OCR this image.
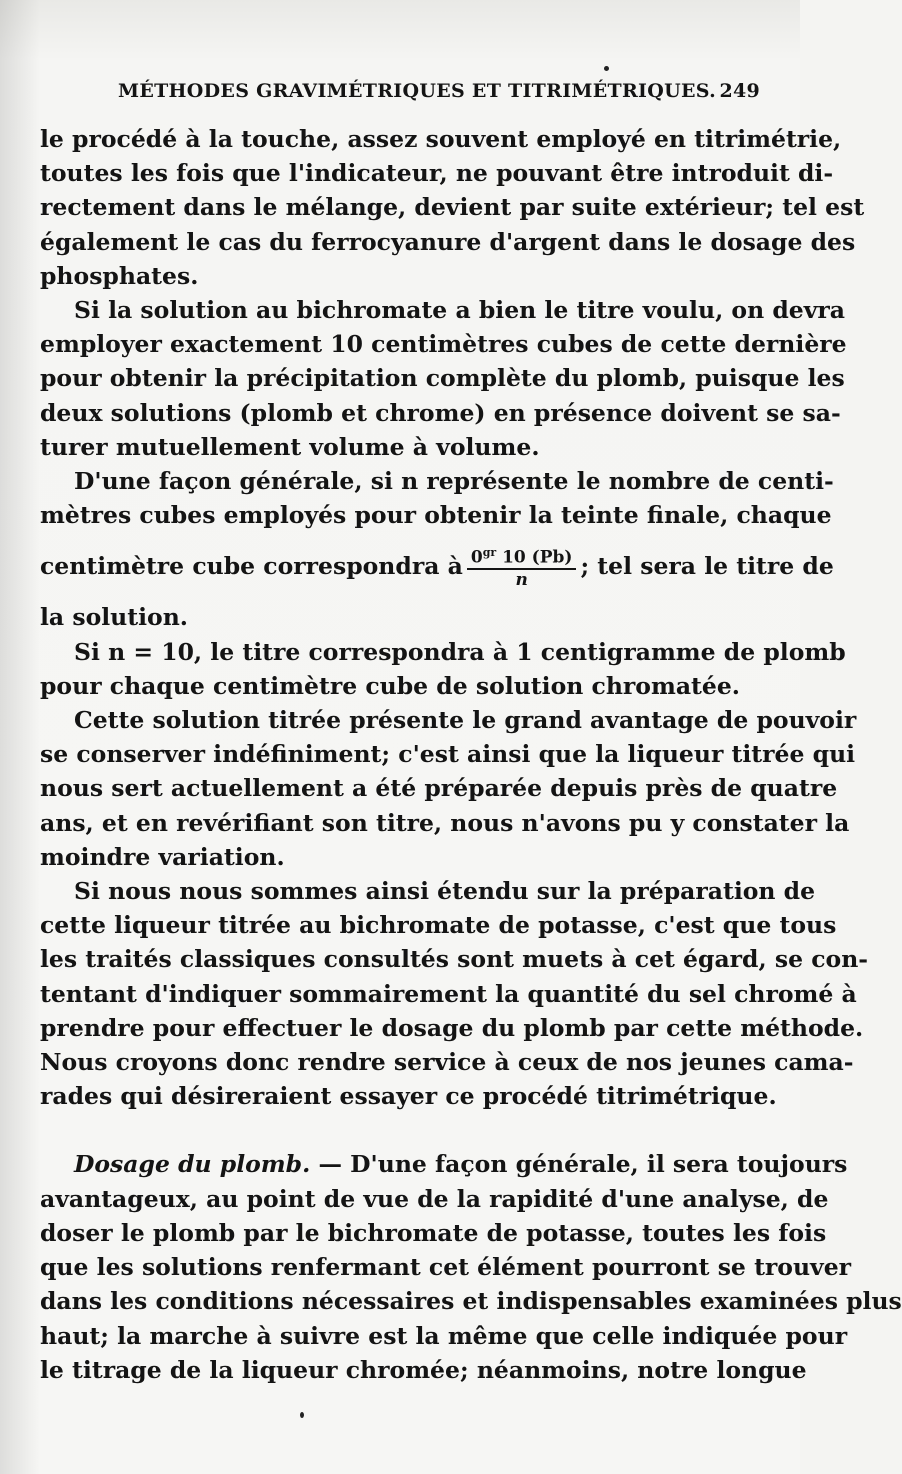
MÉTHODES GRAVIMÉTRIQUES ET TITRIMÉTRIQUES. 249
le procédé à la touche, assez souvent employé en titrimétrie,
toutes les fois que l'indicateur, ne pouvant être introduit di-
rectement dans le mélange, devient par suite extérieur; tel est
également le cas du ferrocyanure d'argent dans le dosage des
phosphates.
Si la solution au bichromate a bien le titre voulu, on devra
employer exactement 10 centimètres cubes de cette dernière
pour obtenir la précipitation complète du plomb, puisque les
deux solutions (plomb et chrome) en présence doivent se sa-
turer mutuellement volume à volume.
D'une façon générale, si n représente le nombre de centi-
mètres cubes employés pour obtenir la teinte finale, chaque
centimètre cube correspondra à $\frac{0^{gr} 10 (Pb)}{n}$ ; tel sera le titre de
la solution.
Si n = 10, le titre correspondra à 1 centigramme de plomb
pour chaque centimètre cube de solution chromatée.
Cette solution titrée présente le grand avantage de pouvoir
se conserver indéfiniment; c'est ainsi que la liqueur titrée qui
nous sert actuellement a été préparée depuis près de quatre
ans, et en revérifiant son titre, nous n'avons pu y constater la
moindre variation.
Si nous nous sommes ainsi étendu sur la préparation de
cette liqueur titrée au bichromate de potasse, c'est que tous
les traités classiques consultés sont muets à cet égard, se con-
tentant d'indiquer sommairement la quantité du sel chromé à
prendre pour effectuer le dosage du plomb par cette méthode.
Nous croyons donc rendre service à ceux de nos jeunes cama-
rades qui désireraient essayer ce procédé titrimétrique.
Dosage du plomb. — D'une façon générale, il sera toujours
avantageux, au point de vue de la rapidité d'une analyse, de
doser le plomb par le bichromate de potasse, toutes les fois
que les solutions renfermant cet élément pourront se trouver
dans les conditions nécessaires et indispensables examinées plus
haut; la marche à suivre est la même que celle indiquée pour
le titrage de la liqueur chromée; néanmoins, notre longue
